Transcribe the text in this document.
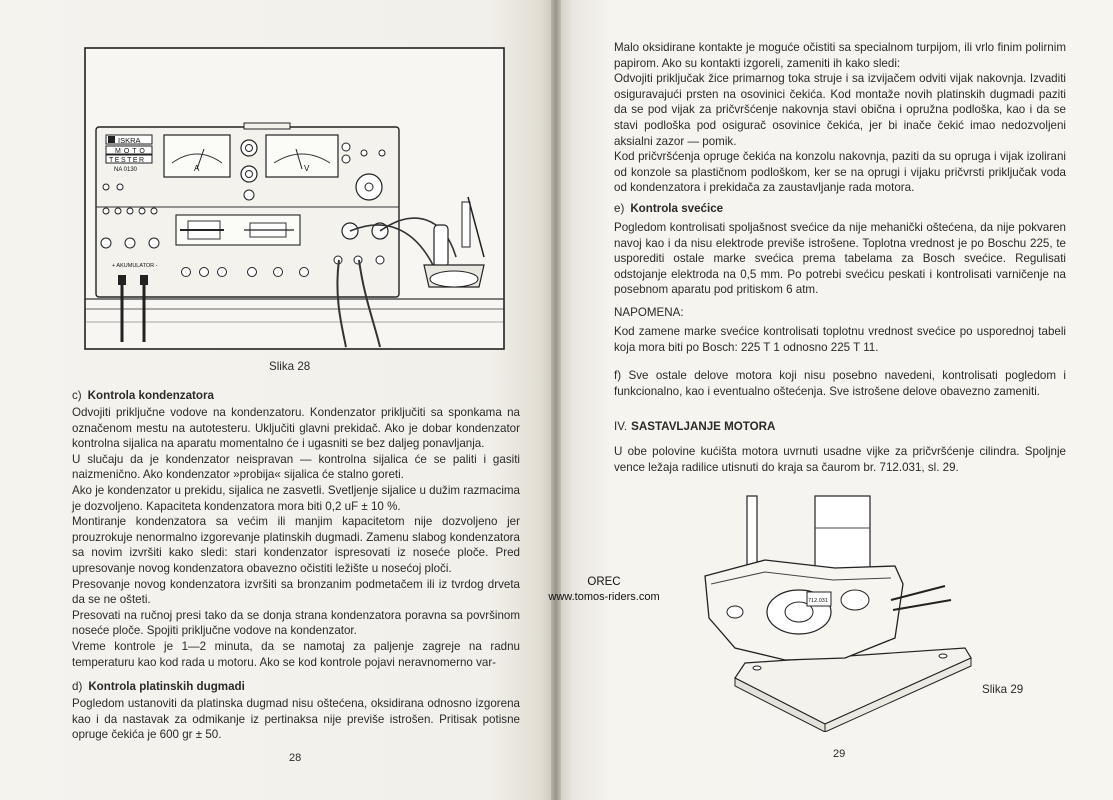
ISKRA
MOTO
TESTER
NA 0130	A	V
+ AKUMULATOR -
Slika 28
c) Kontrola kondenzatora

Odvojiti priključne vodove na kondenzatoru. Kondenzator priključiti sa sponkama na označenom mestu na autotesteru. Uključiti glavni prekidač. Ako je dobar kondenzator kontrolna sijalica na aparatu momentalno će i ugasniti se bez daljeg ponavljanja.

U slučaju da je kondenzator neispravan — kontrolna sijalica će se paliti i gasiti naizmenično. Ako kondenzator »probija« sijalica će stalno goreti.

Ako je kondenzator u prekidu, sijalica ne zasvetli. Svetljenje sijalice u dužim razmacima je dozvoljeno. Kapaciteta kondenzatora mora biti 0,2 uF ± 10 %.

Montiranje kondenzatora sa većim ili manjim kapacitetom nije dozvoljeno jer prouzrokuje nenormalno izgorevanje platinskih dugmadi. Zamenu slabog kondenzatora sa novim izvršiti kako sledi: stari kondenzator ispresovati iz noseće ploče. Pred upresovanje novog kondenzatora obavezno očistiti ležište u nosećoj ploči.

Presovanje novog kondenzatora izvršiti sa bronzanim podmetačem ili iz tvrdog drveta da se ne ošteti.

Presovati na ručnoj presi tako da se donja strana kondenzatora poravna sa površinom noseće ploče. Spojiti priključne vodove na kondenzator.

Vreme kontrole je 1—2 minuta, da se namotaj za paljenje zagreje na radnu temperaturu kao kod rada u motoru. Ako se kod kontrole pojavi neravnomerno var-

d) Kontrola platinskih dugmadi

Pogledom ustanoviti da platinska dugmad nisu oštećena, oksidirana odnosno izgorena kao i da nastavak za odmikanje iz pertinaksa nije previše istrošen. Pritisak potisne opruge čekića je 600 gr ± 50.

28

Malo oksidirane kontakte je moguće očistiti sa specialnom turpijom, ili vrlo finim polirnim papirom. Ako su kontakti izgoreli, zameniti ih kako sledi:

Odvojiti priključak žice primarnog toka struje i sa izvijačem odviti vijak nakovnja. Izvaditi osiguravajući prsten na osovinici čekića. Kod montaže novih platinskih dugmadi paziti da se pod vijak za pričvršćenje nakovnja stavi obična i opružna podloška, kao i da se stavi podloška pod osigurač osovinice čekića, jer bi inače čekić imao nedozvoljeni aksialni zazor — pomik.

Kod pričvršćenja opruge čekića na konzolu nakovnja, paziti da su opruga i vijak izolirani od konzole sa plastičnom podloškom, ker se na oprugi i vijaku pričvrsti priključak voda od kondenzatora i prekidača za zaustavljanje rada motora.

e) Kontrola svećice

Pogledom kontrolisati spoljašnost svećice da nije mehanički oštećena, da nije pokvaren navoj kao i da nisu elektrode previše istrošene. Toplotna vrednost je po Boschu 225, te usporediti ostale marke svećica prema tabelama za Bosch svećice. Regulisati odstojanje elektroda na 0,5 mm. Po potrebi svećicu peskati i kontrolisati varničenje na posebnom aparatu pod pritiskom 6 atm.

NAPOMENA:
Kod zamene marke svećice kontrolisati toplotnu vrednost svećice po usporednoj tabeli koja mora biti po Bosch: 225 T 1 odnosno 225 T 11.
f) Sve ostale delove motora koji nisu posebno navedeni, kontrolisati pogledom i funkcionalno, kao i eventualno oštećenja. Sve istrošene delove obavezno zameniti.
IV. SASTAVLJANJE MOTORA

U obe polovine kućišta motora uvrnuti usadne vijke za pričvršćenje cilindra. Spoljnje vence ležaja radilice utisnuti do kraja sa čaurom br. 712.031, sl. 29.

712.031
Slika 29
29
OREC
www.tomos-riders.com
